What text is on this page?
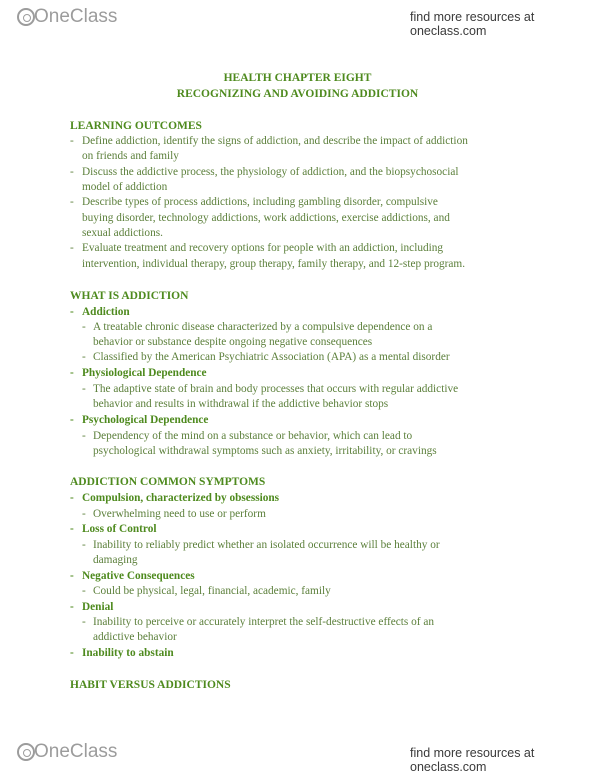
OneClass	find more resources at oneclass.com
HEALTH CHAPTER EIGHT
RECOGNIZING AND AVOIDING ADDICTION
LEARNING OUTCOMES
- Define addiction, identify the signs of addiction, and describe the impact of addiction
on friends and family
- Discuss the addictive process, the physiology of addiction, and the biopsychosocial
model of addiction
- Describe types of process addictions, including gambling disorder, compulsive
buying disorder, technology addictions, work addictions, exercise addictions, and
sexual addictions.
- Evaluate treatment and recovery options for people with an addiction, including
intervention, individual therapy, group therapy, family therapy, and 12-step program.
WHAT IS ADDICTION
- Addiction
- A treatable chronic disease characterized by a compulsive dependence on a
behavior or substance despite ongoing negative consequences
- Classified by the American Psychiatric Association (APA) as a mental disorder
- Physiological Dependence
- The adaptive state of brain and body processes that occurs with regular addictive
behavior and results in withdrawal if the addictive behavior stops
- Psychological Dependence
- Dependency of the mind on a substance or behavior, which can lead to
psychological withdrawal symptoms such as anxiety, irritability, or cravings
ADDICTION COMMON SYMPTOMS
- Compulsion, characterized by obsessions
- Overwhelming need to use or perform
- Loss of Control
- Inability to reliably predict whether an isolated occurrence will be healthy or
damaging
- Negative Consequences
- Could be physical, legal, financial, academic, family
- Denial
- Inability to perceive or accurately interpret the self-destructive effects of an
addictive behavior
- Inability to abstain
HABIT VERSUS ADDICTIONS
OneClass	find more resources at oneclass.com
